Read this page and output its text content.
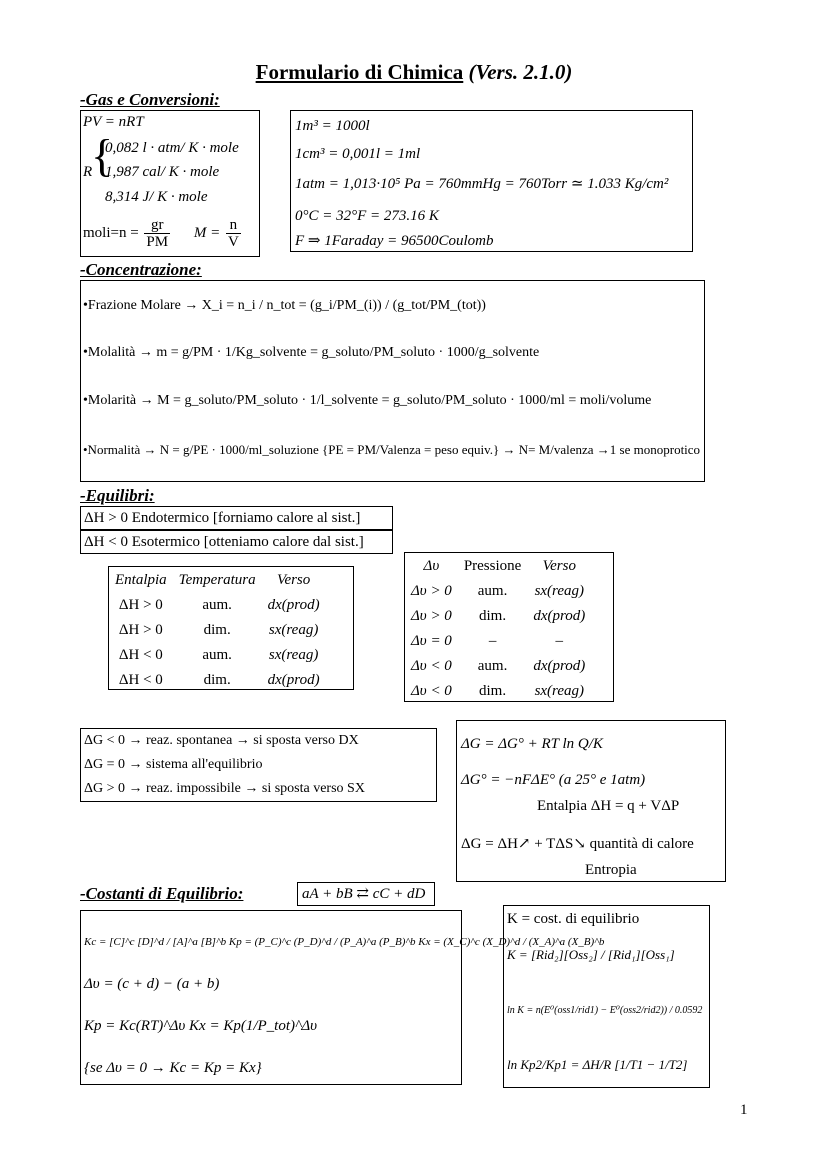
Formulario di Chimica (Vers. 2.1.0)
-Gas e Conversioni:
PV = nRT
R
{
0,082 l · atm/ K · mole
1,987 cal/ K · mole
8,314 J/ K · mole
moli=n = $\frac{gr}{PM}$ $M = \frac{n}{V}$
1m³ = 1000l
1cm³ = 0,001l = 1ml
1atm = 1,013·10⁵ Pa = 760mmHg = 760Torr ≃ 1.033 Kg/cm²
0°C = 32°F = 273.16 K
F ⇒ 1Faraday = 96500Coulomb
-Concentrazione:
•Frazione Molare → X_i = n_i / n_tot = (g_i/PM_(i)) / (g_tot/PM_(tot))
•Molalità → m = g/PM · 1/Kg_solvente = g_soluto/PM_soluto · 1000/g_solvente
•Molarità → M = g_soluto/PM_soluto · 1/l_solvente = g_soluto/PM_soluto · 1000/ml = moli/volume
•Normalità → N = g/PE · 1000/ml_soluzione {PE = PM/Valenza = peso equiv.} → N= M/valenza →1 se monoprotico
-Equilibri:
ΔH > 0 Endotermico [forniamo calore al sist.]
ΔH < 0 Esotermico [otteniamo calore dal sist.]
Entalpia	Temperatura	Verso
ΔH > 0	aum.	dx(prod)
ΔH > 0	dim.	sx(reag)
ΔH < 0	aum.	sx(reag)
ΔH < 0	dim.	dx(prod)
Δυ	Pressione	Verso
Δυ > 0	aum.	sx(reag)
Δυ > 0	dim.	dx(prod)
Δυ = 0	–	–
Δυ < 0	aum.	dx(prod)
Δυ < 0	dim.	sx(reag)
ΔG < 0 → reaz. spontanea → si sposta verso DX
ΔG = 0 → sistema all'equilibrio
ΔG > 0 → reaz. impossibile → si sposta verso SX
ΔG = ΔG° + RT ln Q/K
ΔG° = −nFΔE° (a 25° e 1atm)
Entalpia ΔH = q + VΔP
ΔG = ΔH↗ + TΔS↘ quantità di calore
Entropia
-Costanti di Equilibrio:	aA + bB ⇄ cC + dD
Kc = [C]^c [D]^d / [A]^a [B]^b Kp = (P_C)^c (P_D)^d / (P_A)^a (P_B)^b Kx = (X_C)^c (X_D)^d / (X_A)^a (X_B)^b
Δυ = (c + d) − (a + b)
Kp = Kc(RT)^Δυ Kx = Kp(1/P_tot)^Δυ
{se Δυ = 0 → Kc = Kp = Kx}
K = cost. di equilibrio
K = [Rid₂][Oss₂] / [Rid₁][Oss₁]
ln K = n(E⁰(oss1/rid1) − E⁰(oss2/rid2)) / 0.0592
ln Kp2/Kp1 = ΔH/R [1/T1 − 1/T2]
1
